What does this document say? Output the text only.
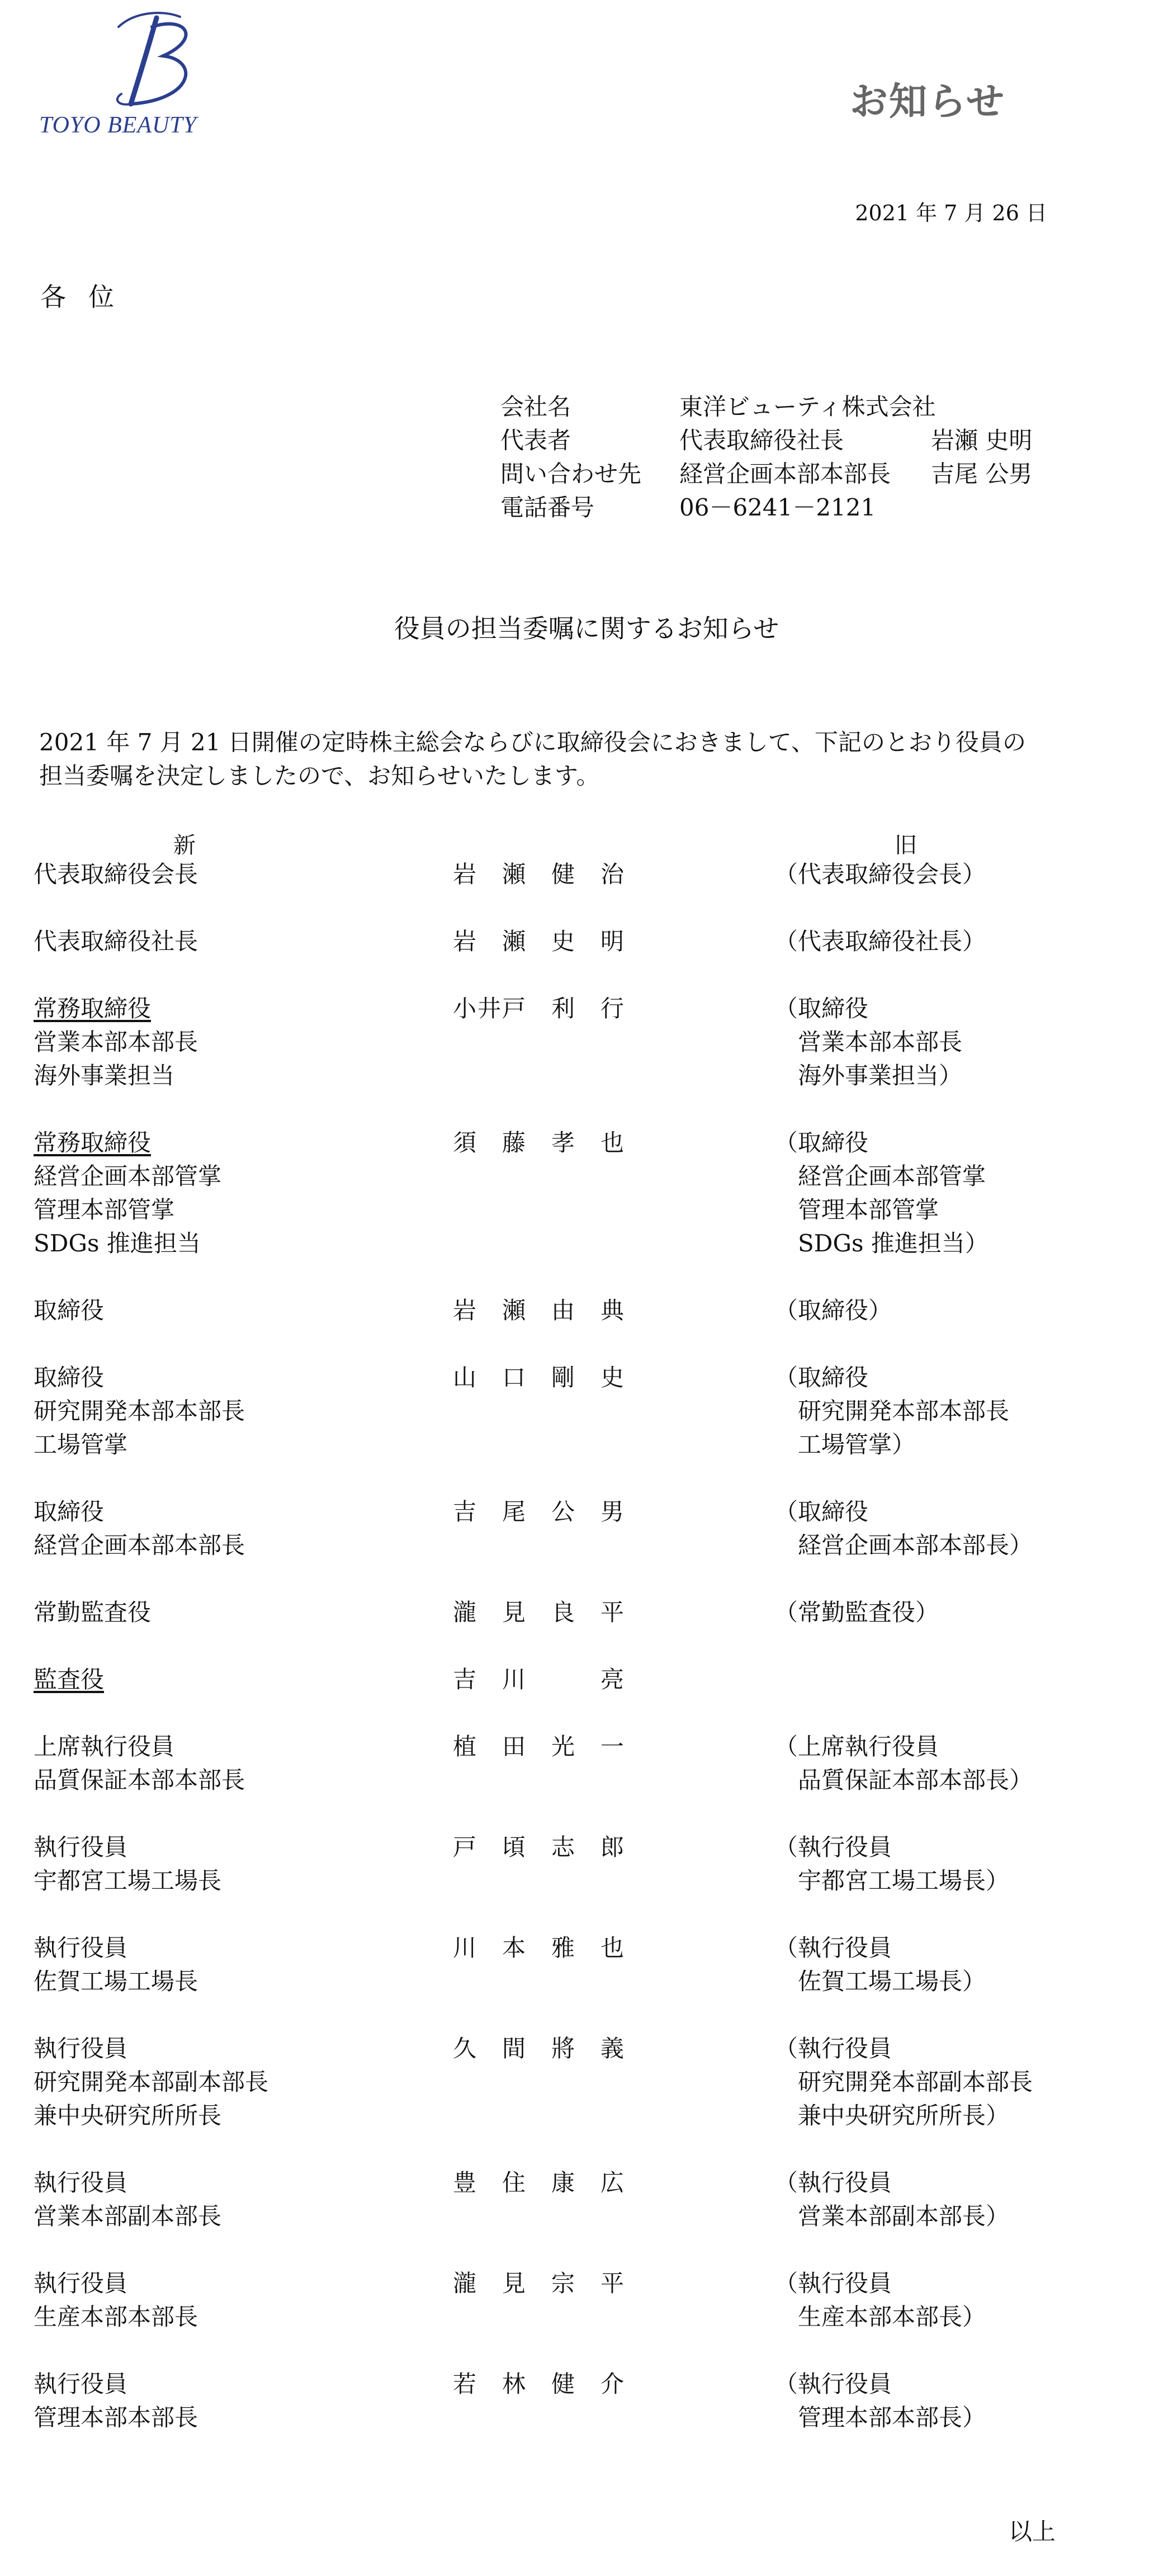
B
TOYO BEAUTY
お知らせ
2021 年 7 月 26 日
各位
会社名	東洋ビューティ株式会社
代表者	代表取締役社長	岩瀬 史明
問い合わせ先 経営企画本部本部長 吉尾 公男
電話番号	06－6241－2121
役員の担当委嘱に関するお知らせ
2021 年 7 月 21 日開催の定時株主総会ならびに取締役会におきまして、下記のとおり役員の担当委嘱を決定しましたので、お知らせいたします。
新	旧
代表取締役会長	岩　瀬　健　治	（代表取締役会長）
代表取締役社長	岩　瀬　史　明	（代表取締役社長）
常務取締役
営業本部本部長
海外事業担当
小井戸　利　行	（取締役
　営業本部本部長
　海外事業担当）
常務取締役
経営企画本部管掌
管理本部管掌
SDGs 推進担当
須　藤　孝　也	（取締役
　経営企画本部管掌
　管理本部管掌
　SDGs 推進担当）
取締役	岩　瀬　由　典	（取締役）
取締役
研究開発本部本部長
工場管掌
山　口　剛　史	（取締役
　研究開発本部本部長
　工場管掌）
取締役
経営企画本部本部長
吉　尾　公　男	（取締役
　経営企画本部本部長）
常勤監査役	瀧　見　良　平	（常勤監査役）
監査役	吉　川　　　亮
上席執行役員
品質保証本部本部長
植　田　光　一	（上席執行役員
　品質保証本部本部長）
執行役員
宇都宮工場工場長
戸　頃　志　郎	（執行役員
　宇都宮工場工場長）
執行役員
佐賀工場工場長
川　本　雅　也	（執行役員
　佐賀工場工場長）
執行役員
研究開発本部副本部長
兼中央研究所所長
久　間　將　義	（執行役員
　研究開発本部副本部長
　兼中央研究所所長）
執行役員
営業本部副本部長
豊　住　康　広	（執行役員
　営業本部副本部長）
執行役員
生産本部本部長
瀧　見　宗　平	（執行役員
　生産本部本部長）
執行役員
管理本部本部長
若　林　健　介	（執行役員
　管理本部本部長）
以上
